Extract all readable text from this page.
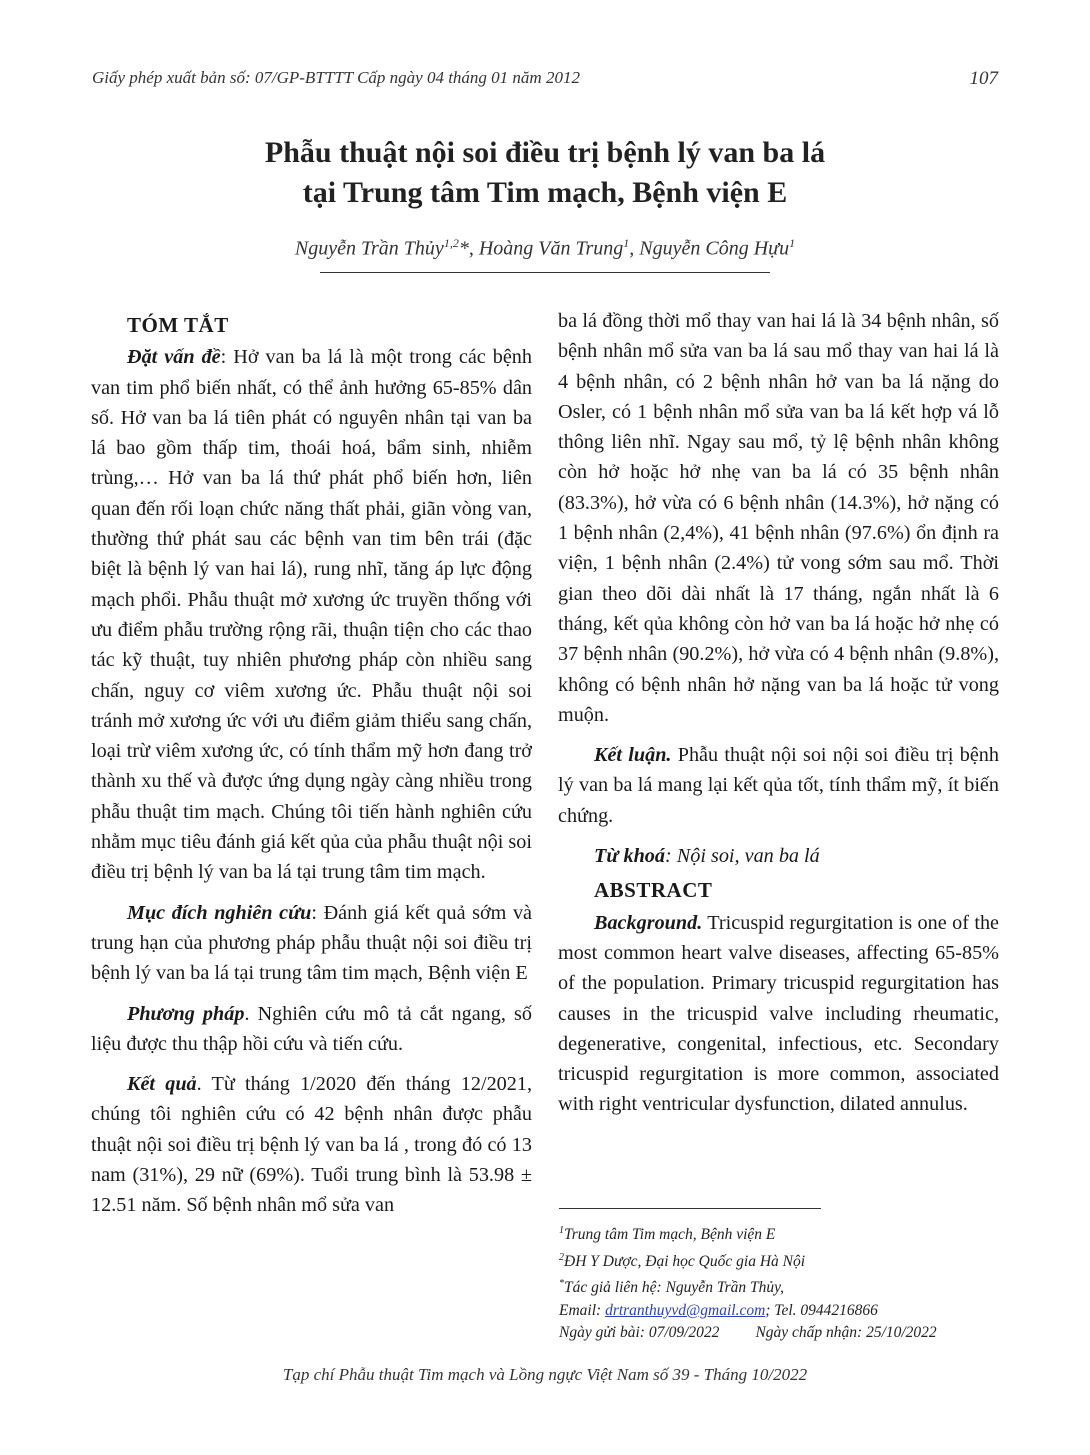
Giấy phép xuất bản số: 07/GP-BTTTT Cấp ngày 04 tháng 01 năm 2012	107
Phẫu thuật nội soi điều trị bệnh lý van ba lá
tại Trung tâm Tim mạch, Bệnh viện E
Nguyễn Trần Thủy$^{1,2}$*, Hoàng Văn Trung$^1$, Nguyễn Công Hựu$^1$
TÓM TẮT

Đặt vấn đề: Hở van ba lá là một trong các bệnh van tim phổ biến nhất, có thể ảnh hưởng 65-85% dân số. Hở van ba lá tiên phát có nguyên nhân tại van ba lá bao gồm thấp tim, thoái hoá, bẩm sinh, nhiễm trùng,… Hở van ba lá thứ phát phổ biến hơn, liên quan đến rối loạn chức năng thất phải, giãn vòng van, thường thứ phát sau các bệnh van tim bên trái (đặc biệt là bệnh lý van hai lá), rung nhĩ, tăng áp lực động mạch phổi. Phẫu thuật mở xương ức truyền thống với ưu điểm phẫu trường rộng rãi, thuận tiện cho các thao tác kỹ thuật, tuy nhiên phương pháp còn nhiều sang chấn, nguy cơ viêm xương ức. Phẫu thuật nội soi tránh mở xương ức với ưu điểm giảm thiểu sang chấn, loại trừ viêm xương ức, có tính thẩm mỹ hơn đang trở thành xu thế và được ứng dụng ngày càng nhiều trong phẫu thuật tim mạch. Chúng tôi tiến hành nghiên cứu nhằm mục tiêu đánh giá kết qủa của phẫu thuật nội soi điều trị bệnh lý van ba lá tại trung tâm tim mạch.

Mục đích nghiên cứu: Đánh giá kết quả sớm và trung hạn của phương pháp phẫu thuật nội soi điều trị bệnh lý van ba lá tại trung tâm tim mạch, Bệnh viện E

Phương pháp. Nghiên cứu mô tả cắt ngang, số liệu được thu thập hồi cứu và tiến cứu.

Kết quả. Từ tháng 1/2020 đến tháng 12/2021, chúng tôi nghiên cứu có 42 bệnh nhân được phẫu thuật nội soi điều trị bệnh lý van ba lá , trong đó có 13 nam (31%), 29 nữ (69%). Tuổi trung bình là 53.98 ± 12.51 năm. Số bệnh nhân mổ sửa van

ba lá đồng thời mổ thay van hai lá là 34 bệnh nhân, số bệnh nhân mổ sửa van ba lá sau mổ thay van hai lá là 4 bệnh nhân, có 2 bệnh nhân hở van ba lá nặng do Osler, có 1 bệnh nhân mổ sửa van ba lá kết hợp vá lỗ thông liên nhĩ. Ngay sau mổ, tỷ lệ bệnh nhân không còn hở hoặc hở nhẹ van ba lá có 35 bệnh nhân (83.3%), hở vừa có 6 bệnh nhân (14.3%), hở nặng có 1 bệnh nhân (2,4%), 41 bệnh nhân (97.6%) ổn định ra viện, 1 bệnh nhân (2.4%) tử vong sớm sau mổ. Thời gian theo dõi dài nhất là 17 tháng, ngắn nhất là 6 tháng, kết qủa không còn hở van ba lá hoặc hở nhẹ có 37 bệnh nhân (90.2%), hở vừa có 4 bệnh nhân (9.8%), không có bệnh nhân hở nặng van ba lá hoặc tử vong muộn.

Kết luận. Phẫu thuật nội soi nội soi điều trị bệnh lý van ba lá mang lại kết qủa tốt, tính thẩm mỹ, ít biến chứng.

Từ khoá: Nội soi, van ba lá

ABSTRACT

Background. Tricuspid regurgitation is one of the most common heart valve diseases, affecting 65-85% of the population. Primary tricuspid regurgitation has causes in the tricuspid valve including rheumatic, degenerative, congenital, infectious, etc. Secondary tricuspid regurgitation is more common, associated with right ventricular dysfunction, dilated annulus.

$^1$Trung tâm Tim mạch, Bệnh viện E
$^2$ĐH Y Dược, Đại học Quốc gia Hà Nội
*Tác giả liên hệ: Nguyễn Trần Thủy,
Email: drtranthuyvd@gmail.com; Tel. 0944216866
Ngày gửi bài: 07/09/2022 Ngày chấp nhận: 25/10/2022
Tạp chí Phẫu thuật Tim mạch và Lồng ngực Việt Nam số 39 - Tháng 10/2022
